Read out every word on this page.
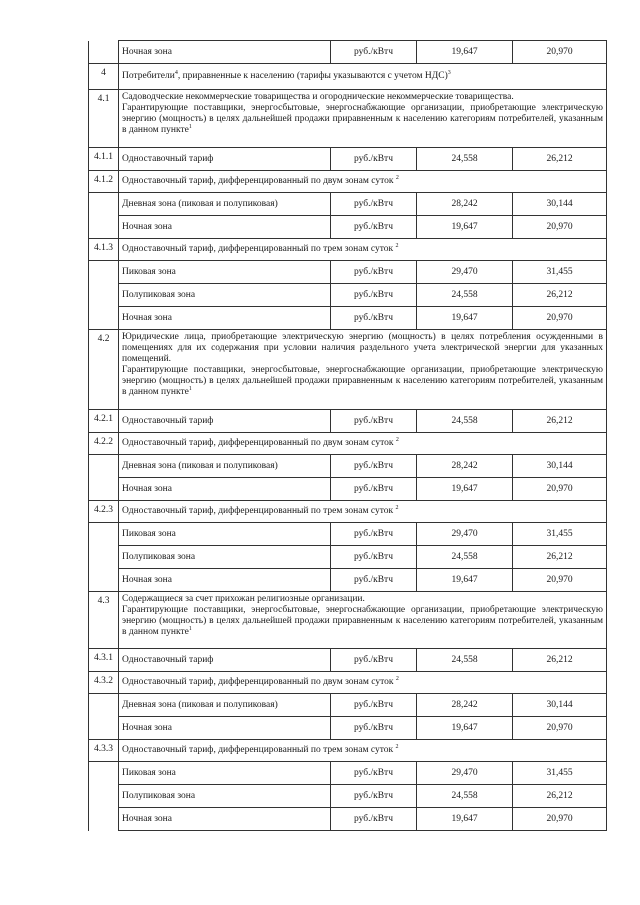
	Ночная зона	руб./кВтч	19,647	20,970
4	Потребители$^4$, приравненные к населению (тарифы указываются с учетом НДС)$^3$
4.1	Садоводческие некоммерческие товарищества и огороднические некоммерческие товарищества.
Гарантирующие поставщики, энергосбытовые, энергоснабжающие организации, приобретающие электрическую энергию (мощность) в целях дальнейшей продажи приравненным к населению категориям потребителей, указанным в данном пункте$^1$

4.1.1	Одноставочный тариф	руб./кВтч	24,558	26,212
4.1.2	Одноставочный тариф, дифференцированный по двум зонам суток $^2$
	Дневная зона (пиковая и полупиковая)	руб./кВтч	28,242	30,144
	Ночная зона	руб./кВтч	19,647	20,970
4.1.3	Одноставочный тариф, дифференцированный по трем зонам суток $^2$
	Пиковая зона	руб./кВтч	29,470	31,455
	Полупиковая зона	руб./кВтч	24,558	26,212
	Ночная зона	руб./кВтч	19,647	20,970
4.2	Юридические лица, приобретающие электрическую энергию (мощность) в целях потребления осужденными в помещениях для их содержания при условии наличия раздельного учета электрической энергии для указанных помещений.
Гарантирующие поставщики, энергосбытовые, энергоснабжающие организации, приобретающие электрическую энергию (мощность) в целях дальнейшей продажи приравненным к населению категориям потребителей, указанным в данном пункте$^1$

4.2.1	Одноставочный тариф	руб./кВтч	24,558	26,212
4.2.2	Одноставочный тариф, дифференцированный по двум зонам суток $^2$
	Дневная зона (пиковая и полупиковая)	руб./кВтч	28,242	30,144
	Ночная зона	руб./кВтч	19,647	20,970
4.2.3	Одноставочный тариф, дифференцированный по трем зонам суток $^2$
	Пиковая зона	руб./кВтч	29,470	31,455
	Полупиковая зона	руб./кВтч	24,558	26,212
	Ночная зона	руб./кВтч	19,647	20,970
4.3	Содержащиеся за счет прихожан религиозные организации.
Гарантирующие поставщики, энергосбытовые, энергоснабжающие организации, приобретающие электрическую энергию (мощность) в целях дальнейшей продажи приравненным к населению категориям потребителей, указанным в данном пункте$^1$

4.3.1	Одноставочный тариф	руб./кВтч	24,558	26,212
4.3.2	Одноставочный тариф, дифференцированный по двум зонам суток $^2$
	Дневная зона (пиковая и полупиковая)	руб./кВтч	28,242	30,144
	Ночная зона	руб./кВтч	19,647	20,970
4.3.3	Одноставочный тариф, дифференцированный по трем зонам суток $^2$
	Пиковая зона	руб./кВтч	29,470	31,455
	Полупиковая зона	руб./кВтч	24,558	26,212
	Ночная зона	руб./кВтч	19,647	20,970
